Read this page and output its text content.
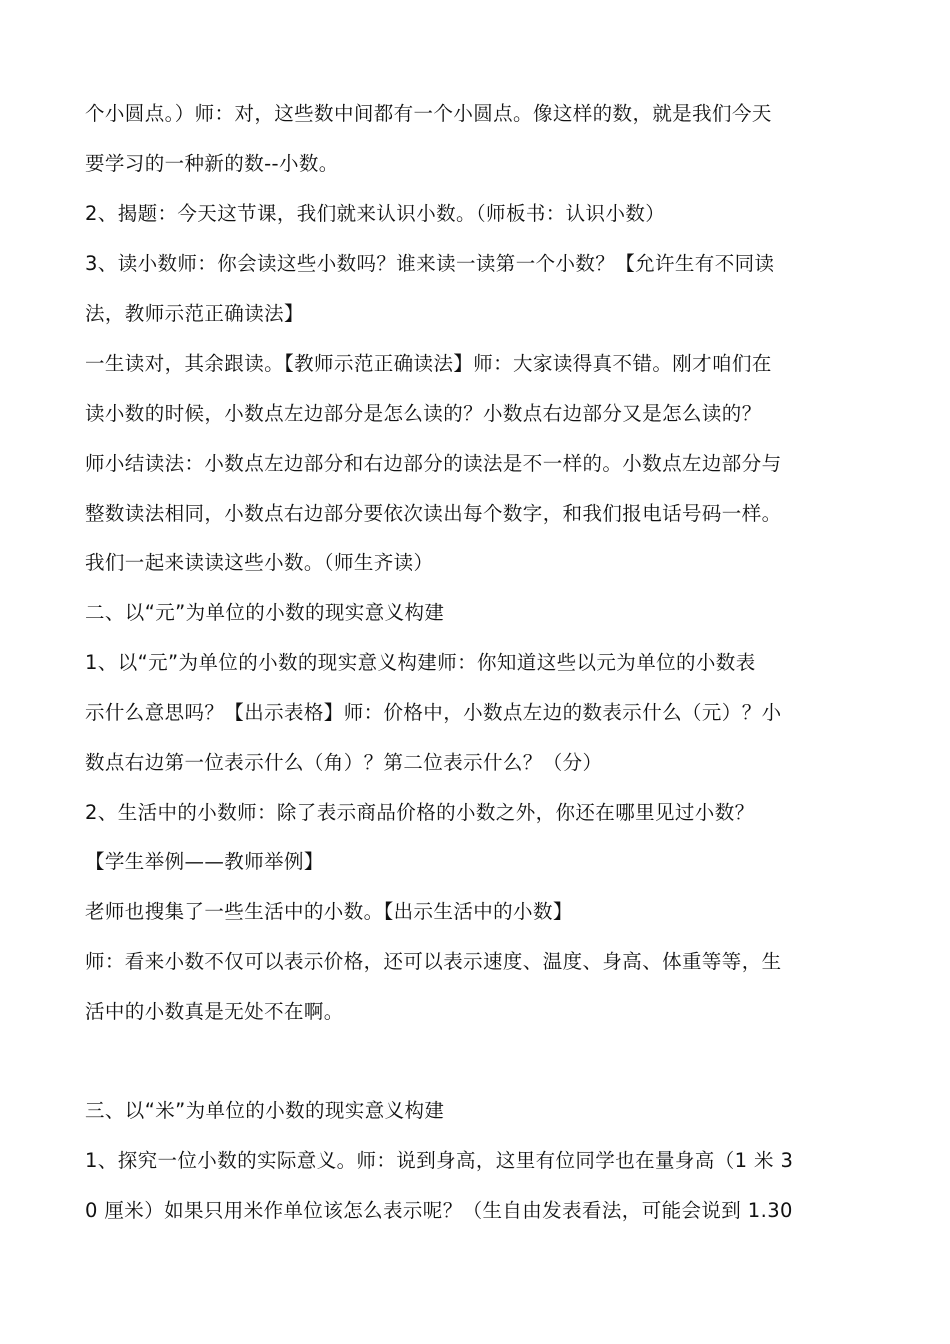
个小圆点。）师：对，这些数中间都有一个小圆点。像这样的数，就是我们今天
要学习的一种新的数--小数。
2、揭题：今天这节课，我们就来认识小数。（师板书：认识小数）
3、读小数师：你会读这些小数吗？谁来读一读第一个小数？【允许生有不同读
法，教师示范正确读法】
一生读对，其余跟读。【教师示范正确读法】师：大家读得真不错。刚才咱们在
读小数的时候，小数点左边部分是怎么读的？小数点右边部分又是怎么读的？
师小结读法：小数点左边部分和右边部分的读法是不一样的。小数点左边部分与
整数读法相同，小数点右边部分要依次读出每个数字，和我们报电话号码一样。
我们一起来读读这些小数。（师生齐读）
二、以“元”为单位的小数的现实意义构建
1、以“元”为单位的小数的现实意义构建师：你知道这些以元为单位的小数表
示什么意思吗？【出示表格】师：价格中，小数点左边的数表示什么（元）？小
数点右边第一位表示什么（角）？第二位表示什么？（分）
2、生活中的小数师：除了表示商品价格的小数之外，你还在哪里见过小数？
【学生举例——教师举例】
老师也搜集了一些生活中的小数。【出示生活中的小数】
师：看来小数不仅可以表示价格，还可以表示速度、温度、身高、体重等等，生
活中的小数真是无处不在啊。
三、以“米”为单位的小数的现实意义构建
1、探究一位小数的实际意义。师：说到身高，这里有位同学也在量身高（1 米 3
0 厘米）如果只用米作单位该怎么表示呢？（生自由发表看法，可能会说到 1.30
